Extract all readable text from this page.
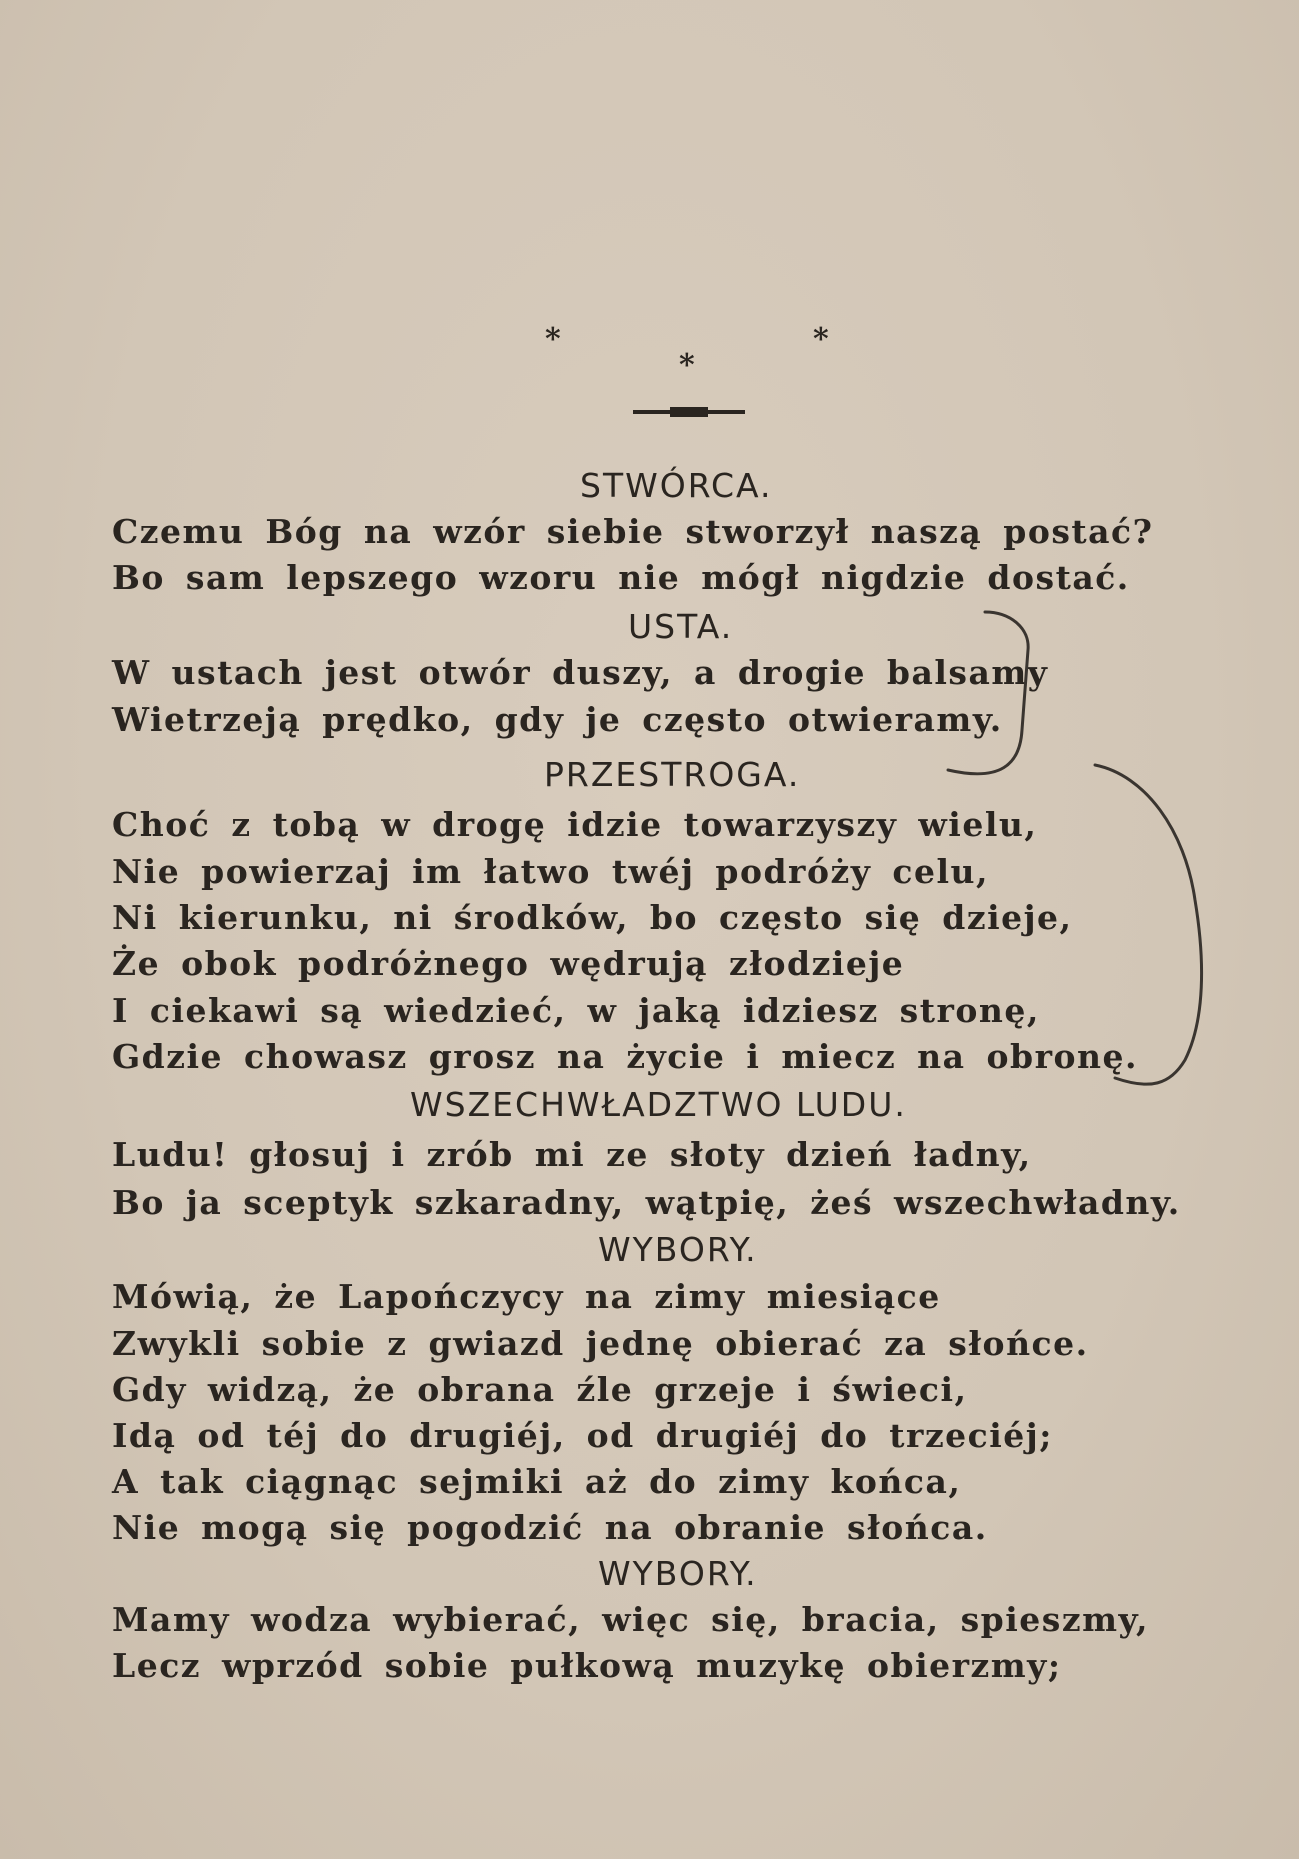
*
*
*
STWÓRCA.
Czemu Bóg na wzór siebie stworzył naszą postać?
Bo sam lepszego wzoru nie mógł nigdzie dostać.
USTA.
W ustach jest otwór duszy, a drogie balsamy
Wietrzeją prędko, gdy je często otwieramy.
PRZESTROGA.
Choć z tobą w drogę idzie towarzyszy wielu,
Nie powierzaj im łatwo twéj podróży celu,
Ni kierunku, ni środków, bo często się dzieje,
Że obok podróżnego wędrują złodzieje
I ciekawi są wiedzieć, w jaką idziesz stronę,
Gdzie chowasz grosz na życie i miecz na obronę.
WSZECHWŁADZTWO LUDU.
Ludu! głosuj i zrób mi ze słoty dzień ładny,
Bo ja sceptyk szkaradny, wątpię, żeś wszechwładny.
WYBORY.
Mówią, że Lapończycy na zimy miesiące
Zwykli sobie z gwiazd jednę obierać za słońce.
Gdy widzą, że obrana źle grzeje i świeci,
Idą od téj do drugiéj, od drugiéj do trzeciéj;
A tak ciągnąc sejmiki aż do zimy końca,
Nie mogą się pogodzić na obranie słońca.
WYBORY.
Mamy wodza wybierać, więc się, bracia, spieszmy,
Lecz wprzód sobie pułkową muzykę obierzmy;
